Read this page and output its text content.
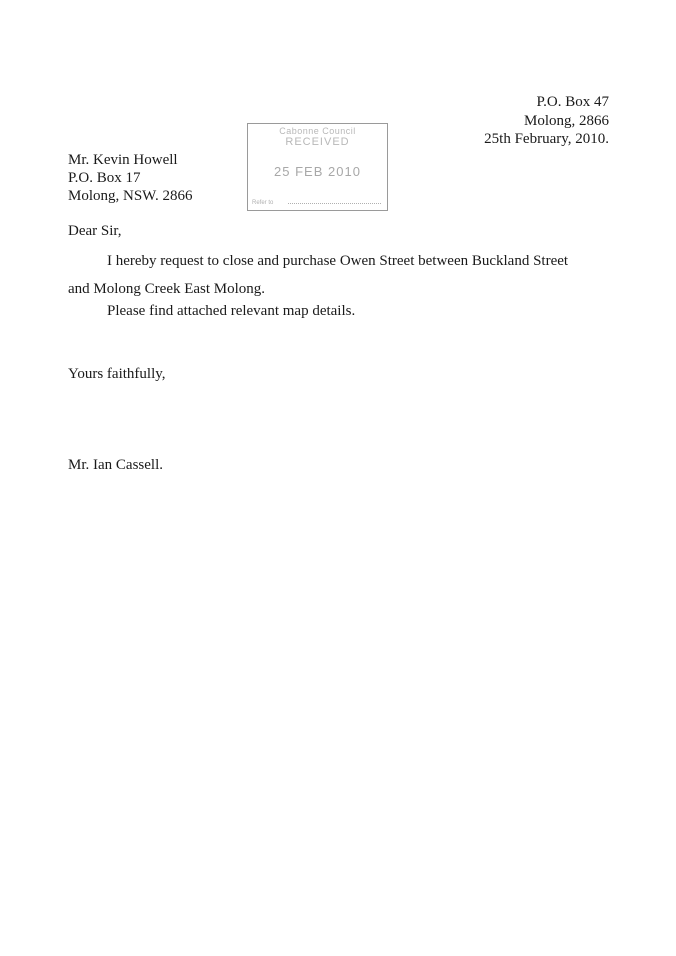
P.O. Box 47
Molong, 2866
25th February, 2010.
Cabonne Council
RECEIVED
25 FEB 2010
Refer to
Mr. Kevin Howell
P.O. Box 17
Molong, NSW. 2866
Dear Sir,
I hereby request to close and purchase Owen Street between Buckland Street
and Molong Creek East Molong.
Please find attached relevant map details.
Yours faithfully,
Mr. Ian Cassell.
